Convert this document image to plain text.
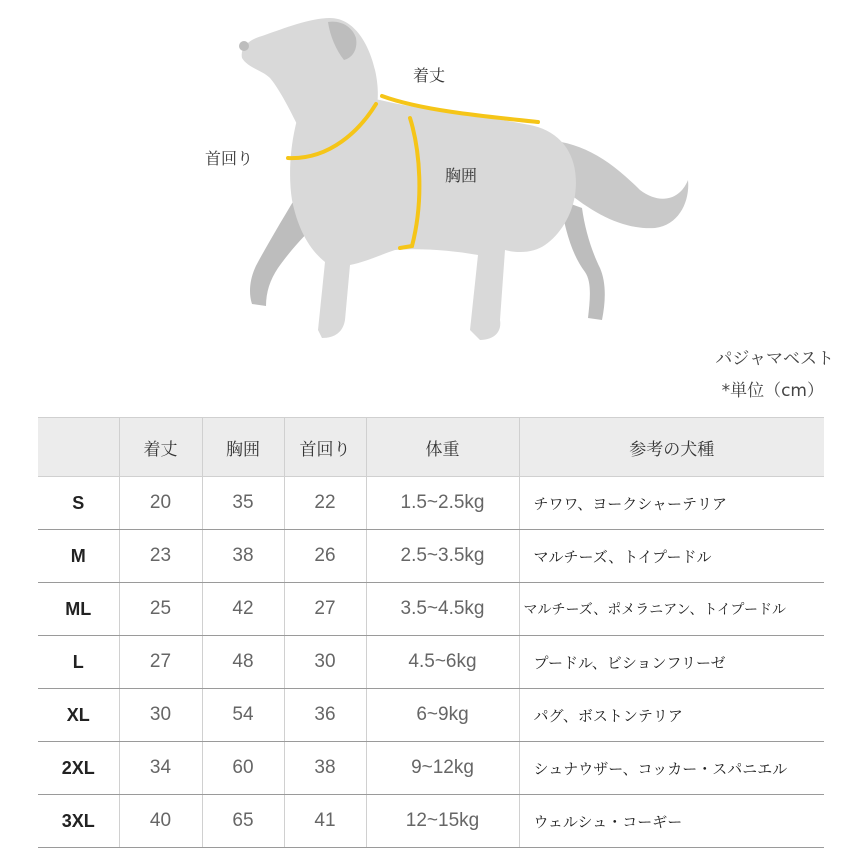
着丈
首回り
胸囲
パジャマベスト
*単位（cm）
	着丈	胸囲	首回り	体重	参考の犬種
S	20	35	22	1.5~2.5kg	チワワ、ヨークシャーテリア
M	23	38	26	2.5~3.5kg	マルチーズ、トイプードル
ML	25	42	27	3.5~4.5kg	マルチーズ、ポメラニアン、トイプードル
L	27	48	30	4.5~6kg	プードル、ビションフリーゼ
XL	30	54	36	6~9kg	パグ、ボストンテリア
2XL	34	60	38	9~12kg	シュナウザー、コッカー・スパニエル
3XL	40	65	41	12~15kg	ウェルシュ・コーギー
